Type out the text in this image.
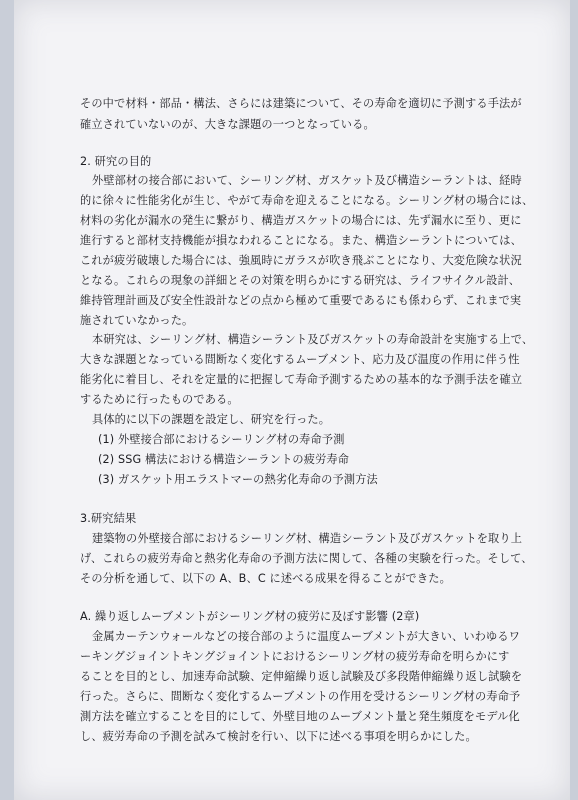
その中で材料・部品・構法、さらには建築について、その寿命を適切に予測する手法が
確立されていないのが、大きな課題の一つとなっている。
2. 研究の目的
外壁部材の接合部において、シーリング材、ガスケット及び構造シーラントは、経時
的に徐々に性能劣化が生じ、やがて寿命を迎えることになる。シーリング材の場合には、
材料の劣化が漏水の発生に繋がり、構造ガスケットの場合には、先ず漏水に至り、更に
進行すると部材支持機能が損なわれることになる。また、構造シーラントについては、
これが疲労破壊した場合には、強風時にガラスが吹き飛ぶことになり、大変危険な状況
となる。これらの現象の詳細とその対策を明らかにする研究は、ライフサイクル設計、
維持管理計画及び安全性設計などの点から極めて重要であるにも係わらず、これまで実
施されていなかった。
本研究は、シーリング材、構造シーラント及びガスケットの寿命設計を実施する上で、
大きな課題となっている間断なく変化するムーブメント、応力及び温度の作用に伴う性
能劣化に着目し、それを定量的に把握して寿命予測するための基本的な予測手法を確立
するために行ったものである。
具体的に以下の課題を設定し、研究を行った。
(1) 外壁接合部におけるシーリング材の寿命予測
(2) SSG 構法における構造シーラントの疲労寿命
(3) ガスケット用エラストマーの熱劣化寿命の予測方法
3.研究結果
建築物の外壁接合部におけるシーリング材、構造シーラント及びガスケットを取り上
げ、これらの疲労寿命と熱劣化寿命の予測方法に関して、各種の実験を行った。そして、
その分析を通して、以下の A、B、C に述べる成果を得ることができた。
A. 繰り返しムーブメントがシーリング材の疲労に及ぼす影響 (2章)
金属カーテンウォールなどの接合部のように温度ムーブメントが大きい、いわゆるワ
ーキングジョイントキングジョイントにおけるシーリング材の疲労寿命を明らかにす
ることを目的とし、加速寿命試験、定伸縮繰り返し試験及び多段階伸縮繰り返し試験を
行った。さらに、間断なく変化するムーブメントの作用を受けるシーリング材の寿命予
測方法を確立することを目的にして、外壁目地のムーブメント量と発生頻度をモデル化
し、疲労寿命の予測を試みて検討を行い、以下に述べる事項を明らかにした。
